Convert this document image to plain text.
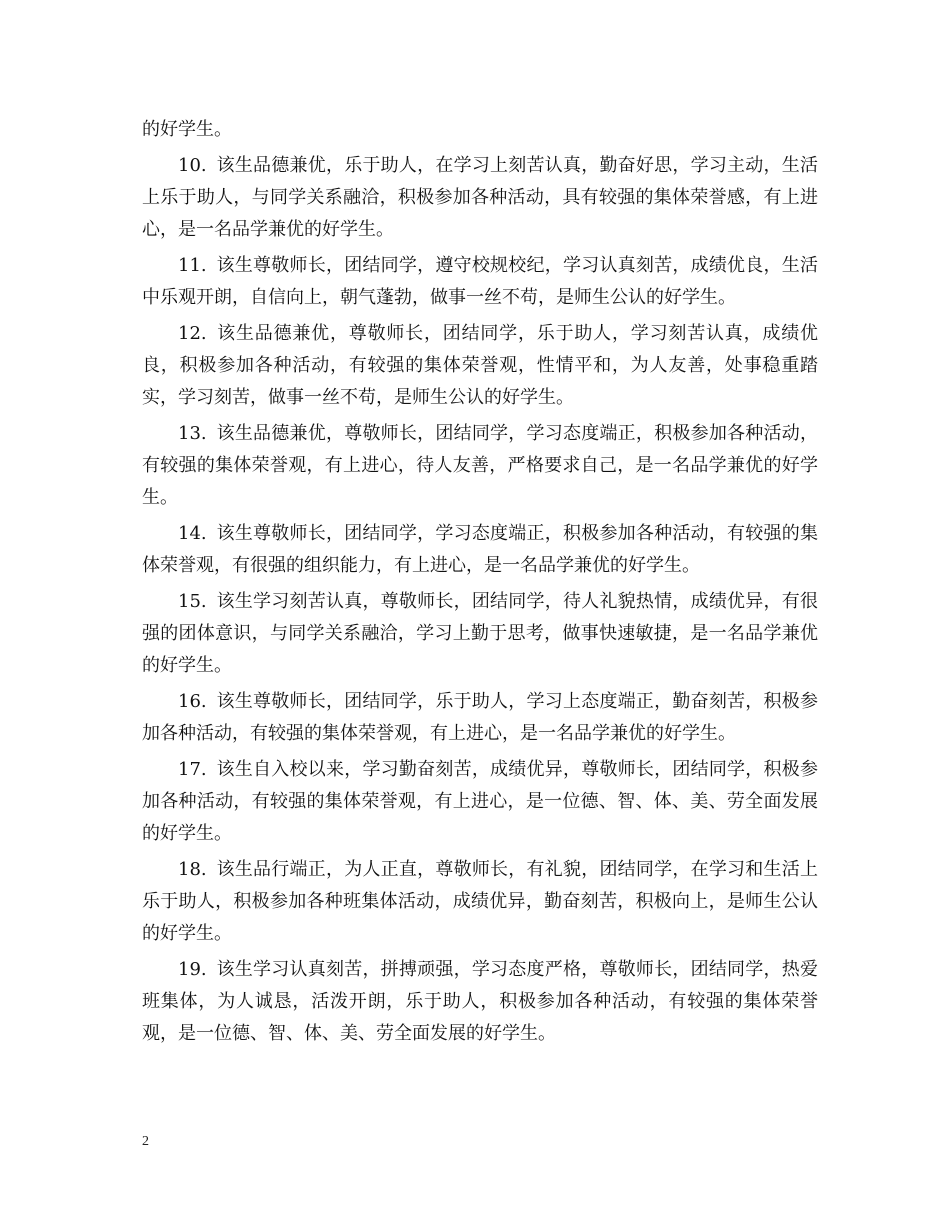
的好学生。

10. 该生品德兼优，乐于助人，在学习上刻苦认真，勤奋好思，学习主动，生活上乐于助人，与同学关系融洽，积极参加各种活动，具有较强的集体荣誉感，有上进心，是一名品学兼优的好学生。

11. 该生尊敬师长，团结同学，遵守校规校纪，学习认真刻苦，成绩优良，生活中乐观开朗，自信向上，朝气蓬勃，做事一丝不苟，是师生公认的好学生。

12. 该生品德兼优，尊敬师长，团结同学，乐于助人，学习刻苦认真，成绩优良，积极参加各种活动，有较强的集体荣誉观，性情平和，为人友善，处事稳重踏实，学习刻苦，做事一丝不苟，是师生公认的好学生。

13. 该生品德兼优，尊敬师长，团结同学，学习态度端正，积极参加各种活动，有较强的集体荣誉观，有上进心，待人友善，严格要求自己，是一名品学兼优的好学生。

14. 该生尊敬师长，团结同学，学习态度端正，积极参加各种活动，有较强的集体荣誉观，有很强的组织能力，有上进心，是一名品学兼优的好学生。

15. 该生学习刻苦认真，尊敬师长，团结同学，待人礼貌热情，成绩优异，有很强的团体意识，与同学关系融洽，学习上勤于思考，做事快速敏捷，是一名品学兼优的好学生。

16. 该生尊敬师长，团结同学，乐于助人，学习上态度端正，勤奋刻苦，积极参加各种活动，有较强的集体荣誉观，有上进心，是一名品学兼优的好学生。

17. 该生自入校以来，学习勤奋刻苦，成绩优异，尊敬师长，团结同学，积极参加各种活动，有较强的集体荣誉观，有上进心，是一位德、智、体、美、劳全面发展的好学生。

18. 该生品行端正，为人正直，尊敬师长，有礼貌，团结同学，在学习和生活上乐于助人，积极参加各种班集体活动，成绩优异，勤奋刻苦，积极向上，是师生公认的好学生。

19. 该生学习认真刻苦，拼搏顽强，学习态度严格，尊敬师长，团结同学，热爱班集体，为人诚恳，活泼开朗，乐于助人，积极参加各种活动，有较强的集体荣誉观，是一位德、智、体、美、劳全面发展的好学生。

2
